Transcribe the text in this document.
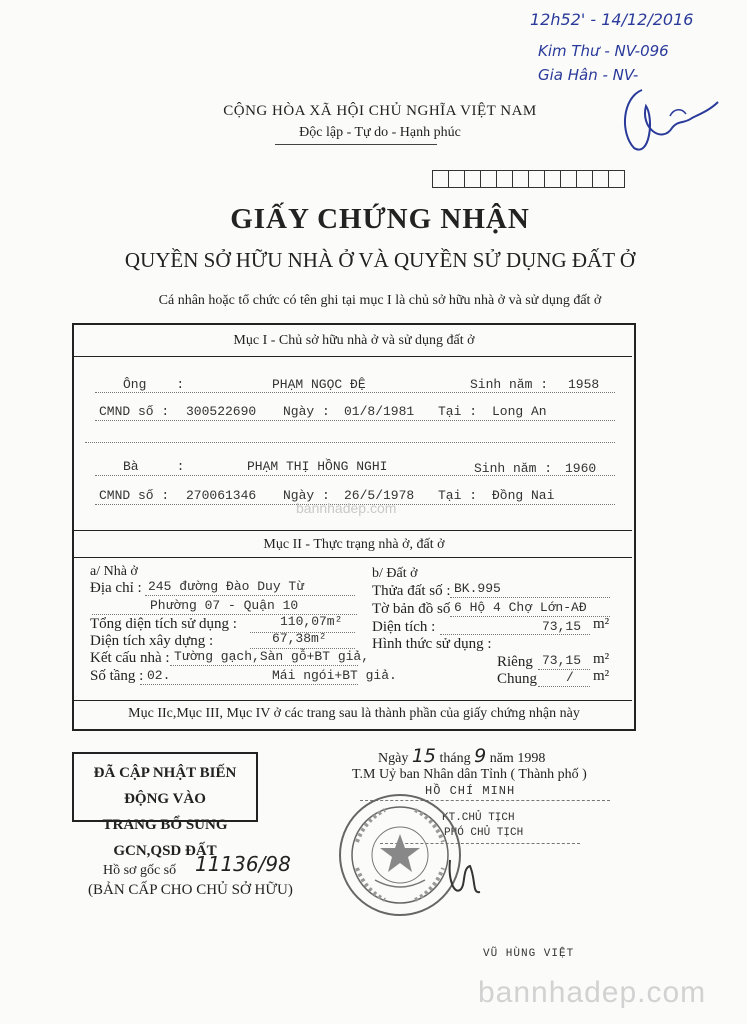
12h52' - 14/12/2016
Kim Thư - NV-096
Gia Hân - NV-
CỘNG HÒA XÃ HỘI CHỦ NGHĨA VIỆT NAM
Độc lập - Tự do - Hạnh phúc
GIẤY CHỨNG NHẬN
QUYỀN SỞ HỮU NHÀ Ở VÀ QUYỀN SỬ DỤNG ĐẤT Ở
Cá nhân hoặc tổ chức có tên ghi tại mục I là chủ sở hữu nhà ở và sử dụng đất ở
Mục I - Chủ sở hữu nhà ở và sử dụng đất ở
Ông :	PHẠM NGỌC ĐỆ	Sinh năm : 1958
CMND số : 300522690 Ngày : 01/8/1981 Tại : Long An
Bà	:	PHẠM THỊ HỒNG NGHI	Sinh năm : 1960
CMND số : 270061346 Ngày : 26/5/1978 Tại : Đồng Nai
bannhadep.com
Mục II - Thực trạng nhà ở, đất ở
a/ Nhà ở
Địa chỉ : 245 đường Đào Duy Từ
Phường 07 - Quận 10
Tổng diện tích sử dụng :	110,07m²
Diện tích xây dựng :	67,38m²
Kết cấu nhà : Tường gạch,Sàn gỗ+BT giả,
Số tầng : 02.	Mái ngói+BT giả.
b/ Đất ở
Thửa đất số : BK.995
Tờ bản đồ số 6 Hộ 4 Chợ Lớn-AĐ
Diện tích :	73,15 m²
Hình thức sử dụng :
Riêng 73,15 m²
Chung / m²
Mục IIc,Mục III, Mục IV ở các trang sau là thành phần của giấy chứng nhận này
ĐÃ CẬP NHẬT BIẾN ĐỘNG VÀO
TRANG BỔ SUNG GCN,QSD ĐẤT
Hồ sơ gốc số 11136/98
(BẢN CẤP CHO CHỦ SỞ HỮU)
Ngày 15 tháng 9 năm 1998
T.M Uỷ ban Nhân dân Tỉnh ( Thành phố )
HỒ CHÍ MINH
KT.CHỦ TỊCH
PHÓ CHỦ TỊCH
VŨ HÙNG VIỆT
bannhadep.com
